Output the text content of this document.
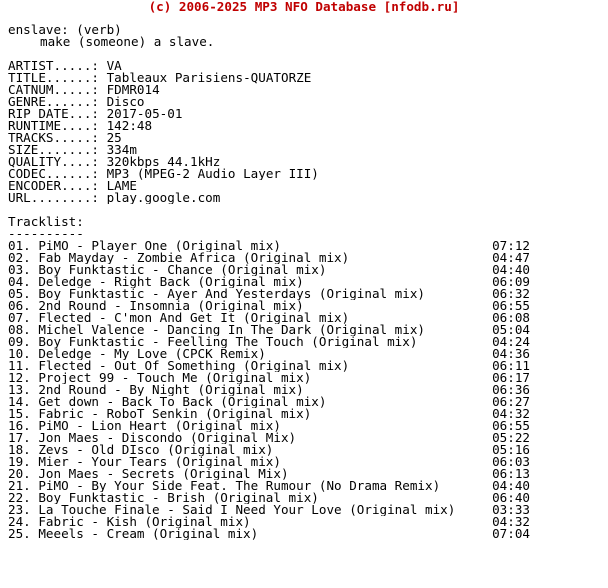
(c) 2006-2025 MP3 NFO Database [nfodb.ru]
enslave: (verb)
make (someone) a slave.
ARTIST.....: VA
TITLE......: Tableaux Parisiens-QUATORZE
CATNUM.....: FDMR014
GENRE......: Disco
RIP DATE...: 2017-05-01
RUNTIME....: 142:48
TRACKS.....: 25
SIZE.......: 334m
QUALITY....: 320kbps 44.1kHz
CODEC......: MP3 (MPEG-2 Audio Layer III)
ENCODER....: LAME
URL........: play.google.com
Tracklist:
----------
01. PiMO - Player One (Original mix)	07:12
02. Fab Mayday - Zombie Africa (Original mix)	04:47
03. Boy Funktastic - Chance (Original mix)	04:40
04. Deledge - Right Back (Original mix)	06:09
05. Boy Funktastic - Ayer And Yesterdays (Original mix)	06:32
06. 2nd Round - Insomnia (Original mix)	06:55
07. Flected - C'mon And Get It (Original mix)	06:08
08. Michel Valence - Dancing In The Dark (Original mix)	05:04
09. Boy Funktastic - Feelling The Touch (Original mix)	04:24
10. Deledge - My Love (CPCK Remix)	04:36
11. Flected - Out Of Something (Original mix)	06:11
12. Project 99 - Touch Me (Original mix)	06:17
13. 2nd Round - By Night (Original mix)	06:36
14. Get down - Back To Back (Original mix)	06:27
15. Fabric - RoboT Senkin (Original mix)	04:32
16. PiMO - Lion Heart (Original mix)	06:55
17. Jon Maes - Discondo (Original Mix)	05:22
18. Zevs - Old DIsco (Original mix)	05:16
19. Mier - Your Tears (Original mix)	06:03
20. Jon Maes - Secrets (Original Mix)	06:13
21. PiMO - By Your Side Feat. The Rumour (No Drama Remix)	04:40
22. Boy Funktastic - Brish (Original mix)	06:40
23. La Touche Finale - Said I Need Your Love (Original mix)	03:33
24. Fabric - Kish (Original mix)	04:32
25. Meeels - Cream (Original mix)	07:04
